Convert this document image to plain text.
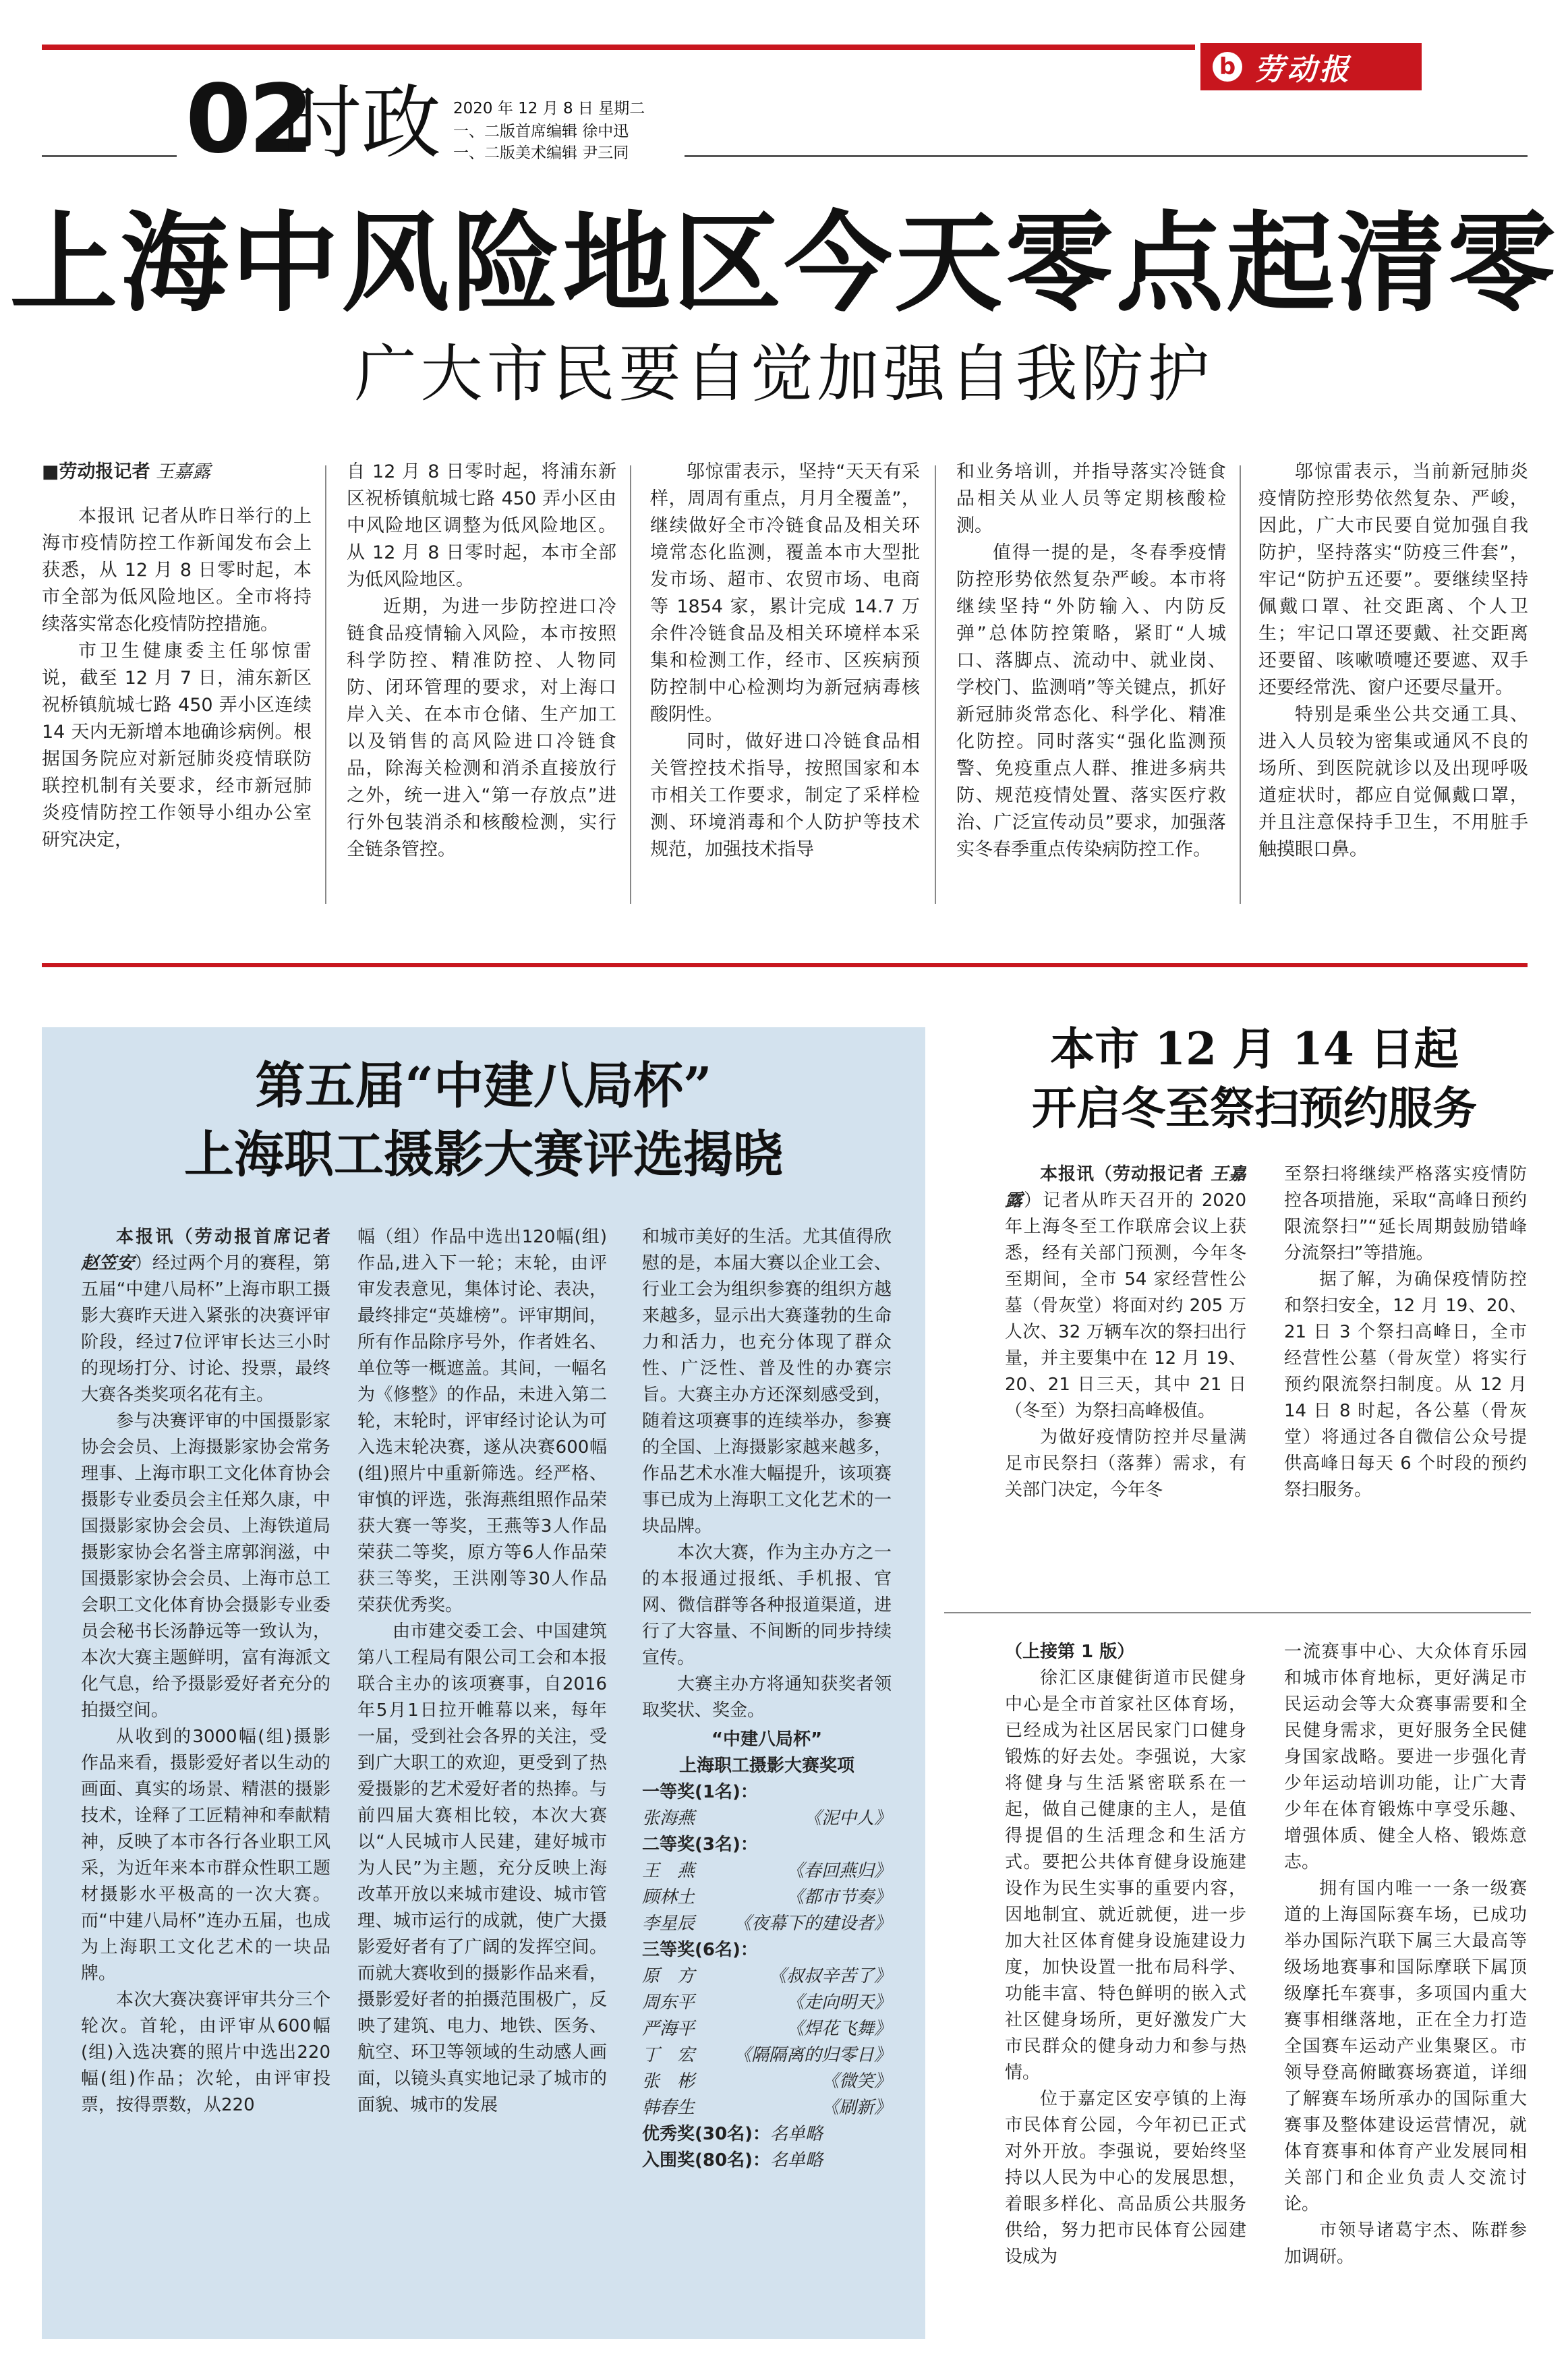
02
时政 2020 年 12 月 8 日 星期二
一、二版首席编辑 徐中迅
一、二版美术编辑 尹三同
b 劳动报
上海中风险地区今天零点起清零
广大市民要自觉加强自我防护

■劳动报记者 王嘉露

本报讯 记者从昨日举行的上海市疫情防控工作新闻发布会上获悉，从 12 月 8 日零时起，本市全部为低风险地区。全市将持续落实常态化疫情防控措施。

市卫生健康委主任邬惊雷说，截至 12 月 7 日，浦东新区祝桥镇航城七路 450 弄小区连续 14 天内无新增本地确诊病例。根据国务院应对新冠肺炎疫情联防联控机制有关要求，经市新冠肺炎疫情防控工作领导小组办公室研究决定，

自 12 月 8 日零时起，将浦东新区祝桥镇航城七路 450 弄小区由中风险地区调整为低风险地区。从 12 月 8 日零时起，本市全部为低风险地区。

近期，为进一步防控进口冷链食品疫情输入风险，本市按照科学防控、精准防控、人物同防、闭环管理的要求，对上海口岸入关、在本市仓储、生产加工以及销售的高风险进口冷链食品，除海关检测和消杀直接放行之外，统一进入“第一存放点”进行外包装消杀和核酸检测，实行全链条管控。

邬惊雷表示，坚持“天天有采样，周周有重点，月月全覆盖”，继续做好全市冷链食品及相关环境常态化监测，覆盖本市大型批发市场、超市、农贸市场、电商等 1854 家，累计完成 14.7 万余件冷链食品及相关环境样本采集和检测工作，经市、区疾病预防控制中心检测均为新冠病毒核酸阴性。

同时，做好进口冷链食品相关管控技术指导，按照国家和本市相关工作要求，制定了采样检测、环境消毒和个人防护等技术规范，加强技术指导

和业务培训，并指导落实冷链食品相关从业人员等定期核酸检测。

值得一提的是，冬春季疫情防控形势依然复杂严峻。本市将继续坚持“外防输入、内防反弹”总体防控策略，紧盯“人城口、落脚点、流动中、就业岗、学校门、监测哨”等关键点，抓好新冠肺炎常态化、科学化、精准化防控。同时落实“强化监测预警、免疫重点人群、推进多病共防、规范疫情处置、落实医疗救治、广泛宣传动员”要求，加强落实冬春季重点传染病防控工作。

邬惊雷表示，当前新冠肺炎疫情防控形势依然复杂、严峻，因此，广大市民要自觉加强自我防护，坚持落实“防疫三件套”，牢记“防护五还要”。要继续坚持佩戴口罩、社交距离、个人卫生；牢记口罩还要戴、社交距离还要留、咳嗽喷嚏还要遮、双手还要经常洗、窗户还要尽量开。

特别是乘坐公共交通工具、进入人员较为密集或通风不良的场所、到医院就诊以及出现呼吸道症状时，都应自觉佩戴口罩，并且注意保持手卫生，不用脏手触摸眼口鼻。

第五届“中建八局杯”
上海职工摄影大赛评选揭晓

本报讯（劳动报首席记者 赵笠安）经过两个月的赛程，第五届“中建八局杯”上海市职工摄影大赛昨天进入紧张的决赛评审阶段，经过7位评审长达三小时的现场打分、讨论、投票，最终大赛各类奖项名花有主。

参与决赛评审的中国摄影家协会会员、上海摄影家协会常务理事、上海市职工文化体育协会摄影专业委员会主任郑久康，中国摄影家协会会员、上海铁道局摄影家协会名誉主席郭润滋，中国摄影家协会会员、上海市总工会职工文化体育协会摄影专业委员会秘书长汤静远等一致认为，本次大赛主题鲜明，富有海派文化气息，给予摄影爱好者充分的拍摄空间。

从收到的3000幅(组)摄影作品来看，摄影爱好者以生动的画面、真实的场景、精湛的摄影技术，诠释了工匠精神和奉献精神，反映了本市各行各业职工风采，为近年来本市群众性职工题材摄影水平极高的一次大赛。而“中建八局杯”连办五届，也成为上海职工文化艺术的一块品牌。

本次大赛决赛评审共分三个轮次。首轮，由评审从600幅(组)入选决赛的照片中选出220幅(组)作品；次轮，由评审投票，按得票数，从220

幅（组）作品中选出120幅(组)作品,进入下一轮；末轮，由评审发表意见，集体讨论、表决，最终排定“英雄榜”。评审期间，所有作品除序号外，作者姓名、单位等一概遮盖。其间，一幅名为《修整》的作品，未进入第二轮，末轮时，评审经讨论认为可入选末轮决赛，遂从决赛600幅(组)照片中重新筛选。经严格、审慎的评选，张海燕组照作品荣获大赛一等奖，王燕等3人作品荣获二等奖，原方等6人作品荣获三等奖，王洪刚等30人作品荣获优秀奖。

由市建交委工会、中国建筑第八工程局有限公司工会和本报联合主办的该项赛事，自2016年5月1日拉开帷幕以来，每年一届，受到社会各界的关注，受到广大职工的欢迎，更受到了热爱摄影的艺术爱好者的热捧。与前四届大赛相比较，本次大赛以“人民城市人民建，建好城市为人民”为主题，充分反映上海改革开放以来城市建设、城市管理、城市运行的成就，使广大摄影爱好者有了广阔的发挥空间。而就大赛收到的摄影作品来看，摄影爱好者的拍摄范围极广，反映了建筑、电力、地铁、医务、航空、环卫等领域的生动感人画面，以镜头真实地记录了城市的面貌、城市的发展

和城市美好的生活。尤其值得欣慰的是，本届大赛以企业工会、行业工会为组织参赛的组织方越来越多，显示出大赛蓬勃的生命力和活力，也充分体现了群众性、广泛性、普及性的办赛宗旨。大赛主办方还深刻感受到，随着这项赛事的连续举办，参赛的全国、上海摄影家越来越多，作品艺术水准大幅提升，该项赛事已成为上海职工文化艺术的一块品牌。

本次大赛，作为主办方之一的本报通过报纸、手机报、官网、微信群等各种报道渠道，进行了大容量、不间断的同步持续宣传。

大赛主办方将通知获奖者领取奖状、奖金。

“中建八局杯”

上海职工摄影大赛奖项

一等奖(1名)：

张海燕	《泥中人》

二等奖(3名)：

王　燕	《春回燕归》

顾林土	《都市节奏》

李星辰 《夜幕下的建设者》

三等奖(6名)：

原　方	《叔叔辛苦了》

周东平	《走向明天》

严海平	《焊花飞舞》

丁　宏 《隔隔离的归零日》

张　彬	《微笑》

韩春生	《刷新》

优秀奖(30名)：名单略

入围奖(80名)：名单略

本市 12 月 14 日起
开启冬至祭扫预约服务

本报讯（劳动报记者 王嘉露）记者从昨天召开的 2020 年上海冬至工作联席会议上获悉，经有关部门预测，今年冬至期间，全市 54 家经营性公墓（骨灰堂）将面对约 205 万人次、32 万辆车次的祭扫出行量，并主要集中在 12 月 19、20、21 日三天，其中 21 日（冬至）为祭扫高峰极值。

为做好疫情防控并尽量满足市民祭扫（落葬）需求，有关部门决定，今年冬

至祭扫将继续严格落实疫情防控各项措施，采取“高峰日预约限流祭扫”“延长周期鼓励错峰分流祭扫”等措施。

据了解，为确保疫情防控和祭扫安全，12 月 19、20、21 日 3 个祭扫高峰日，全市经营性公墓（骨灰堂）将实行预约限流祭扫制度。从 12 月 14 日 8 时起，各公墓（骨灰堂）将通过各自微信公众号提供高峰日每天 6 个时段的预约祭扫服务。

（上接第 1 版）

徐汇区康健街道市民健身中心是全市首家社区体育场，已经成为社区居民家门口健身锻炼的好去处。李强说，大家将健身与生活紧密联系在一起，做自己健康的主人，是值得提倡的生活理念和生活方式。要把公共体育健身设施建设作为民生实事的重要内容，因地制宜、就近就便，进一步加大社区体育健身设施建设力度，加快设置一批布局科学、功能丰富、特色鲜明的嵌入式社区健身场所，更好激发广大市民群众的健身动力和参与热情。

位于嘉定区安亭镇的上海市民体育公园，今年初已正式对外开放。李强说，要始终坚持以人民为中心的发展思想，着眼多样化、高品质公共服务供给，努力把市民体育公园建设成为

一流赛事中心、大众体育乐园和城市体育地标，更好满足市民运动会等大众赛事需要和全民健身需求，更好服务全民健身国家战略。要进一步强化青少年运动培训功能，让广大青少年在体育锻炼中享受乐趣、增强体质、健全人格、锻炼意志。

拥有国内唯一一条一级赛道的上海国际赛车场，已成功举办国际汽联下属三大最高等级场地赛事和国际摩联下属顶级摩托车赛事，多项国内重大赛事相继落地，正在全力打造全国赛车运动产业集聚区。市领导登高俯瞰赛场赛道，详细了解赛车场所承办的国际重大赛事及整体建设运营情况，就体育赛事和体育产业发展同相关部门和企业负责人交流讨论。

市领导诸葛宇杰、陈群参加调研。
